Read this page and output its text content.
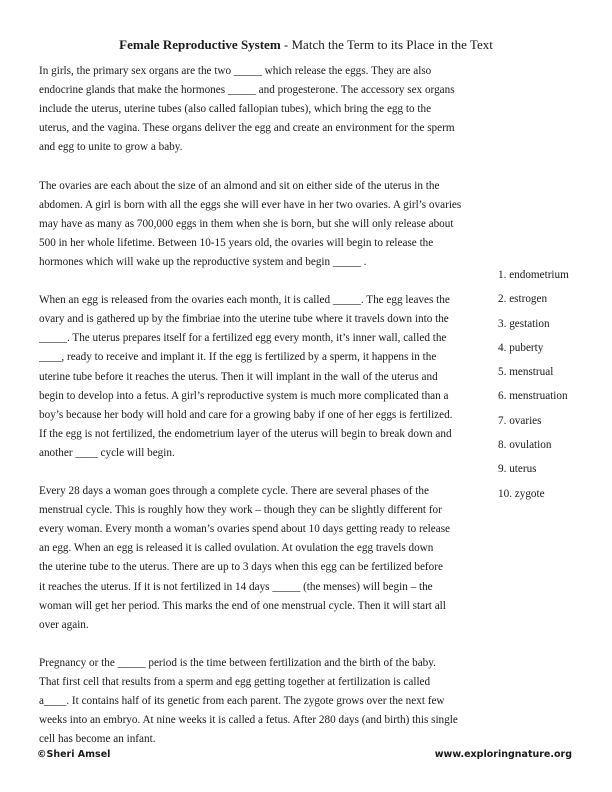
Female Reproductive System - Match the Term to its Place in the Text

In girls, the primary sex organs are the two _____ which release the eggs. They are also
endocrine glands that make the hormones _____ and progesterone. The accessory sex organs
include the uterus, uterine tubes (also called fallopian tubes), which bring the egg to the
uterus, and the vagina. These organs deliver the egg and create an environment for the sperm
and egg to unite to grow a baby.

The ovaries are each about the size of an almond and sit on either side of the uterus in the
abdomen. A girl is born with all the eggs she will ever have in her two ovaries. A girl’s ovaries
may have as many as 700,000 eggs in them when she is born, but she will only release about
500 in her whole lifetime. Between 10-15 years old, the ovaries will begin to release the
hormones which will wake up the reproductive system and begin _____ .

When an egg is released from the ovaries each month, it is called _____. The egg leaves the
ovary and is gathered up by the fimbriae into the uterine tube where it travels down into the
_____. The uterus prepares itself for a fertilized egg every month, it’s inner wall, called the
____, ready to receive and implant it. If the egg is fertilized by a sperm, it happens in the
uterine tube before it reaches the uterus. Then it will implant in the wall of the uterus and
begin to develop into a fetus. A girl’s reproductive system is much more complicated than a
boy’s because her body will hold and care for a growing baby if one of her eggs is fertilized.
If the egg is not fertilized, the endometrium layer of the uterus will begin to break down and
another ____ cycle will begin.

Every 28 days a woman goes through a complete cycle. There are several phases of the
menstrual cycle. This is roughly how they work – though they can be slightly different for
every woman. Every month a woman’s ovaries spend about 10 days getting ready to release
an egg. When an egg is released it is called ovulation. At ovulation the egg travels down
the uterine tube to the uterus. There are up to 3 days when this egg can be fertilized before
it reaches the uterus. If it is not fertilized in 14 days _____ (the menses) will begin – the
woman will get her period. This marks the end of one menstrual cycle. Then it will start all
over again.

Pregnancy or the _____ period is the time between fertilization and the birth of the baby.
That first cell that results from a sperm and egg getting together at fertilization is called
a____. It contains half of its genetic from each parent. The zygote grows over the next few
weeks into an embryo. At nine weeks it is called a fetus. After 280 days (and birth) this single
cell has become an infant.

1. endometrium
2. estrogen
3. gestation
4. puberty
5. menstrual
6. menstruation
7. ovaries
8. ovulation
9. uterus
10. zygote
©Sheri Amsel	www.exploringnature.org
